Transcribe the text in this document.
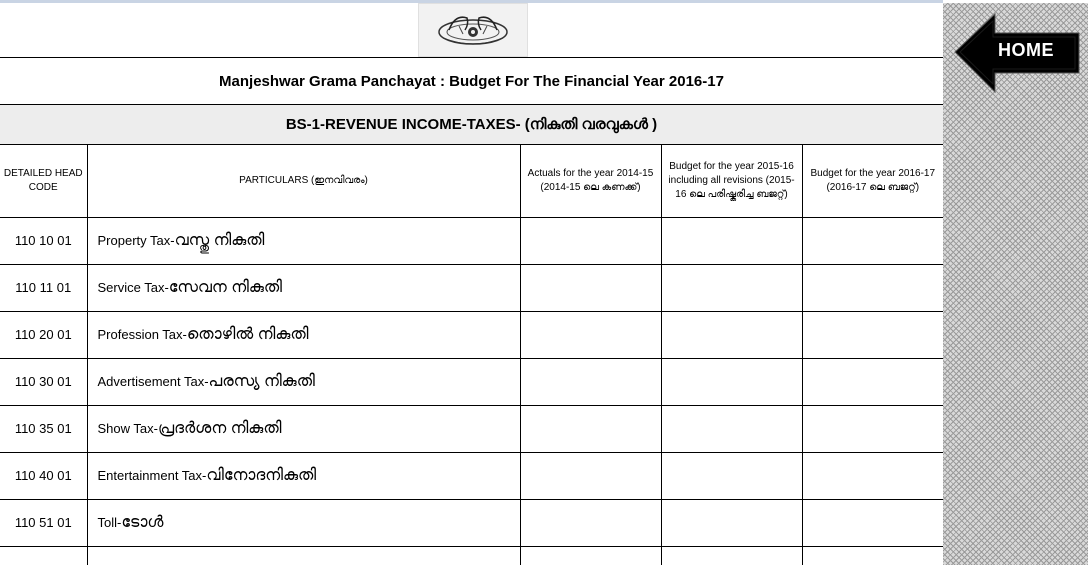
Manjeshwar Grama Panchayat : Budget For The Financial Year 2016-17
BS-1-REVENUE INCOME-TAXES- (നികുതി വരവുകൾ )
DETAILED HEAD CODE	PARTICULARS (ഇനവിവരം)	Actuals for the year 2014-15 (2014-15 ലെ കണക്ക്)	Budget for the year 2015-16 including all revisions (2015-16 ലെ പരിഷ്കരിച്ച ബജറ്റ്)	Budget for the year 2016-17 (2016-17 ലെ ബജറ്റ്)
110 10 01	Property Tax-വസ്തു നികുതി			
110 11 01	Service Tax-സേവന നികുതി			
110 20 01	Profession Tax-തൊഴിൽ നികുതി			
110 30 01	Advertisement Tax-പരസ്യ നികുതി			
110 35 01	Show Tax-പ്രദർശന നികുതി			
110 40 01	Entertainment Tax-വിനോദനികുതി			
110 51 01	Toll-ടോൾ			

HOME
